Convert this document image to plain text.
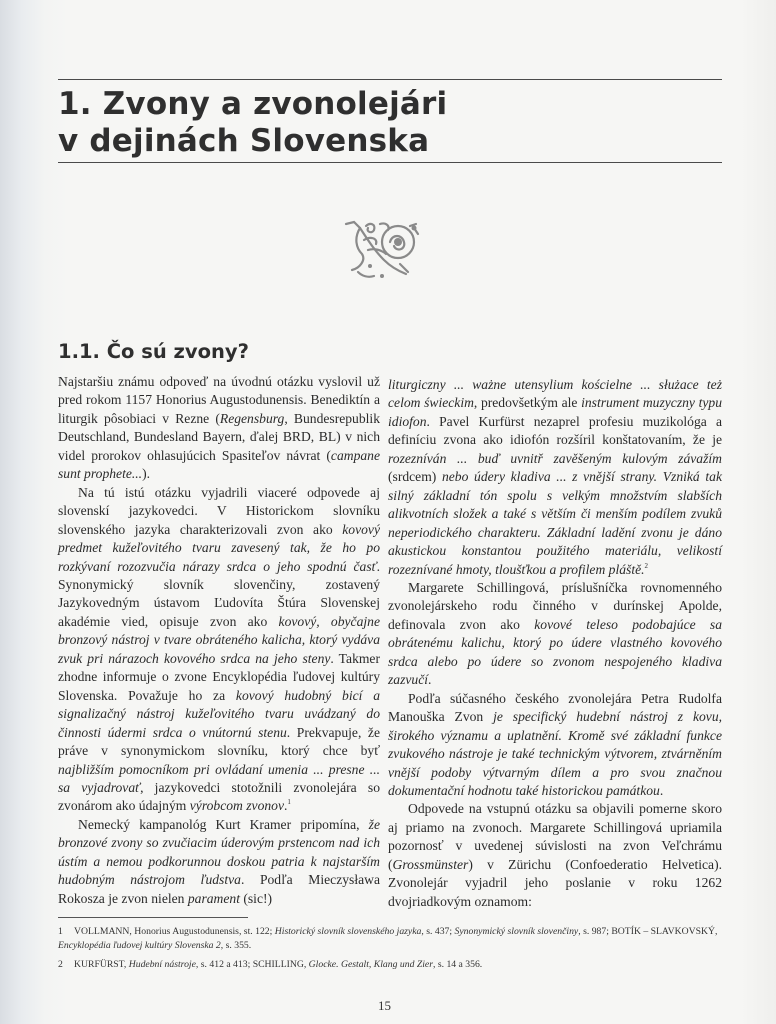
1. Zvony a zvonolejári
v dejinách Slovenska
1.1. Čo sú zvony?

Najstaršiu známu odpoveď na úvodnú otázku vyslovil už pred rokom 1157 Honorius Augustodunensis. Benediktín a liturgik pôsobiaci v Rezne (Regensburg, Bundesrepublik Deutschland, Bundesland Bayern, ďalej BRD, BL) v nich videl prorokov ohlasujúcich Spasiteľov návrat (campane sunt prophete...).

Na tú istú otázku vyjadrili viaceré odpovede aj slovenskí jazykovedci. V Historickom slovníku slovenského jazyka charakterizovali zvon ako kovový predmet kužeľovitého tvaru zavesený tak, že ho po rozkývaní rozozvučia nárazy srdca o jeho spodnú časť. Synonymický slovník slovenčiny, zostavený Jazykovedným ústavom Ľudovíta Štúra Slovenskej akadémie vied, opisuje zvon ako kovový, obyčajne bronzový nástroj v tvare obráteného kalicha, ktorý vydáva zvuk pri nárazoch kovového srdca na jeho steny. Takmer zhodne informuje o zvone Encyklopédia ľudovej kultúry Slovenska. Považuje ho za kovový hudobný bicí a signalizačný nástroj kužeľovitého tvaru uvádzaný do činnosti údermi srdca o vnútornú stenu. Prekvapuje, že práve v synonymickom slovníku, ktorý chce byť najbližším pomocníkom pri ovládaní umenia ... presne ... sa vyjadrovať, jazykovedci stotožnili zvonolejára so zvonárom ako údajným výrobcom zvonov.$^1$

Nemecký kampanológ Kurt Kramer pripomína, že bronzové zvony so zvučiacim úderovým prstencom nad ich ústím a nemou podkorunnou doskou patria k najstarším hudobným nástrojom ľudstva. Podľa Mieczysława Rokosza je zvon nielen parament (sic!)

liturgiczny ... ważne utensylium kościelne ... służace też celom świeckim, predovšetkým ale instrument muzyczny typu idiofon. Pavel Kurfürst nezaprel profesiu muzikológa a definíciu zvona ako idiofón rozšíril konštatovaním, že je rozezníván ... buď uvnitř zavěšeným kulovým závažím (srdcem) nebo údery kladiva ... z vnější strany. Vzniká tak silný základní tón spolu s velkým množstvím slabších alikvotních složek a také s větším či menším podílem zvuků neperiodického charakteru. Základní ladění zvonu je dáno akustickou konstantou použitého materiálu, velikostí rozeznívané hmoty, tloušťkou a profilem pláště.$^2$

Margarete Schillingová, príslušníčka rovnomenného zvonolejárskeho rodu činného v durínskej Apolde, definovala zvon ako kovové teleso podobajúce sa obrátenému kalichu, ktorý po údere vlastného kovového srdca alebo po údere so zvonom nespojeného kladiva zazvučí.

Podľa súčasného českého zvonolejára Petra Rudolfa Manouška Zvon je specifický hudební nástroj z kovu, širokého významu a uplatnění. Kromě své základní funkce zvukového nástroje je také technickým výtvorem, ztvárněním vnější podoby výtvarným dílem a pro svou značnou dokumentační hodnotu také historickou památkou.

Odpovede na vstupnú otázku sa objavili pomerne skoro aj priamo na zvonoch. Margarete Schillingová upriamila pozornosť v uvedenej súvislosti na zvon Veľchrámu (Grossmünster) v Zürichu (Confoederatio Helvetica). Zvonolejár vyjadril jeho poslanie v roku 1262 dvojriadkovým oznamom:

1 VOLLMANN, Honorius Augustodunensis, st. 122; Historický slovník slovenského jazyka, s. 437; Synonymický slovník slovenčiny, s. 987; BOTÍK – SLAVKOVSKÝ, Encyklopédia ľudovej kultúry Slovenska 2, s. 355.

2 KURFÜRST, Hudební nástroje, s. 412 a 413; SCHILLING, Glocke. Gestalt, Klang und Zier, s. 14 a 356.

15
